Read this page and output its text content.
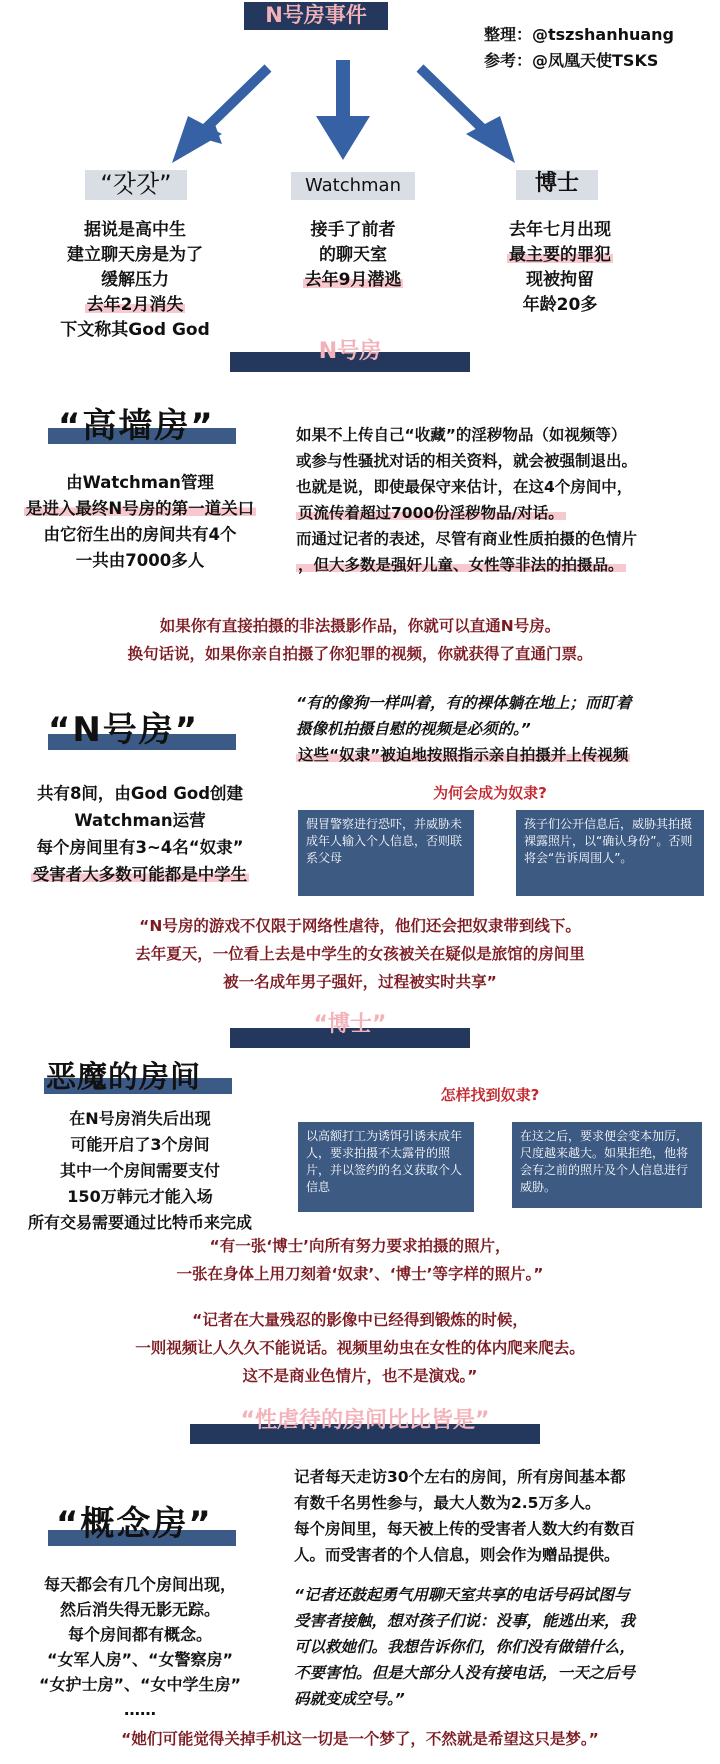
N号房事件
整理：@tszshanhuang
参考：@凤凰天使TSKS
“갓갓”	Watchman	博士
据说是高中生
建立聊天房是为了
缓解压力
去年2月消失
下文称其God God
接手了前者
的聊天室
去年9月潜逃
去年七月出现
最主要的罪犯
现被拘留
年龄20多
N号房
“高墙房”
由Watchman管理
是进入最终N号房的第一道关口
由它衍生出的房间共有4个
一共由7000多人
如果不上传自己“收藏”的淫秽物品（如视频等）
或参与性骚扰对话的相关资料，就会被强制退出。
也就是说，即使最保守来估计，在这4个房间中，
页流传着超过7000份淫秽物品/对话。
而通过记者的表述，尽管有商业性质拍摄的色情片
，但大多数是强奸儿童、女性等非法的拍摄品。
如果你有直接拍摄的非法摄影作品，你就可以直通N号房。
换句话说，如果你亲自拍摄了你犯罪的视频，你就获得了直通门票。
“N号房”
“有的像狗一样叫着，有的裸体躺在地上；而盯着
摄像机拍摄自慰的视频是必须的。”
这些“奴隶”被迫地按照指示亲自拍摄并上传视频
共有8间，由God God创建
Watchman运营
每个房间里有3~4名“奴隶”
受害者大多数可能都是中学生
为何会成为奴隶?
假冒警察进行恐吓，并威胁未成年人输入个人信息，否则联系父母
孩子们公开信息后，威胁其拍摄裸露照片，以“确认身份”。否则将会“告诉周围人”。
“N号房的游戏不仅限于网络性虐待，他们还会把奴隶带到线下。
去年夏天，一位看上去是中学生的女孩被关在疑似是旅馆的房间里
被一名成年男子强奸，过程被实时共享”
“博士”
恶魔的房间
在N号房消失后出现
可能开启了3个房间
其中一个房间需要支付
150万韩元才能入场
所有交易需要通过比特币来完成
怎样找到奴隶?
以高额打工为诱饵引诱未成年人，要求拍摄不太露骨的照片，并以签约的名义获取个人信息
在这之后，要求便会变本加厉，尺度越来越大。如果拒绝，他将会有之前的照片及个人信息进行威胁。
“有一张‘博士’向所有努力要求拍摄的照片，
一张在身体上用刀刻着‘奴隶’、‘博士’等字样的照片。”
“记者在大量残忍的影像中已经得到锻炼的时候，
一则视频让人久久不能说话。视频里幼虫在女性的体内爬来爬去。
这不是商业色情片，也不是演戏。”
“性虐待的房间比比皆是”
“概念房”
记者每天走访30个左右的房间，所有房间基本都
有数千名男性参与，最大人数为2.5万多人。
每个房间里，每天被上传的受害者人数大约有数百
人。而受害者的个人信息，则会作为赠品提供。
“记者还鼓起勇气用聊天室共享的电话号码试图与
受害者接触，想对孩子们说：没事，能逃出来，我
可以救她们。我想告诉你们，你们没有做错什么，
不要害怕。但是大部分人没有接电话，一天之后号
码就变成空号。”
每天都会有几个房间出现，
然后消失得无影无踪。
每个房间都有概念。
“女军人房”、“女警察房”
“女护士房”、“女中学生房”
……
“她们可能觉得关掉手机这一切是一个梦了，不然就是希望这只是梦。”
